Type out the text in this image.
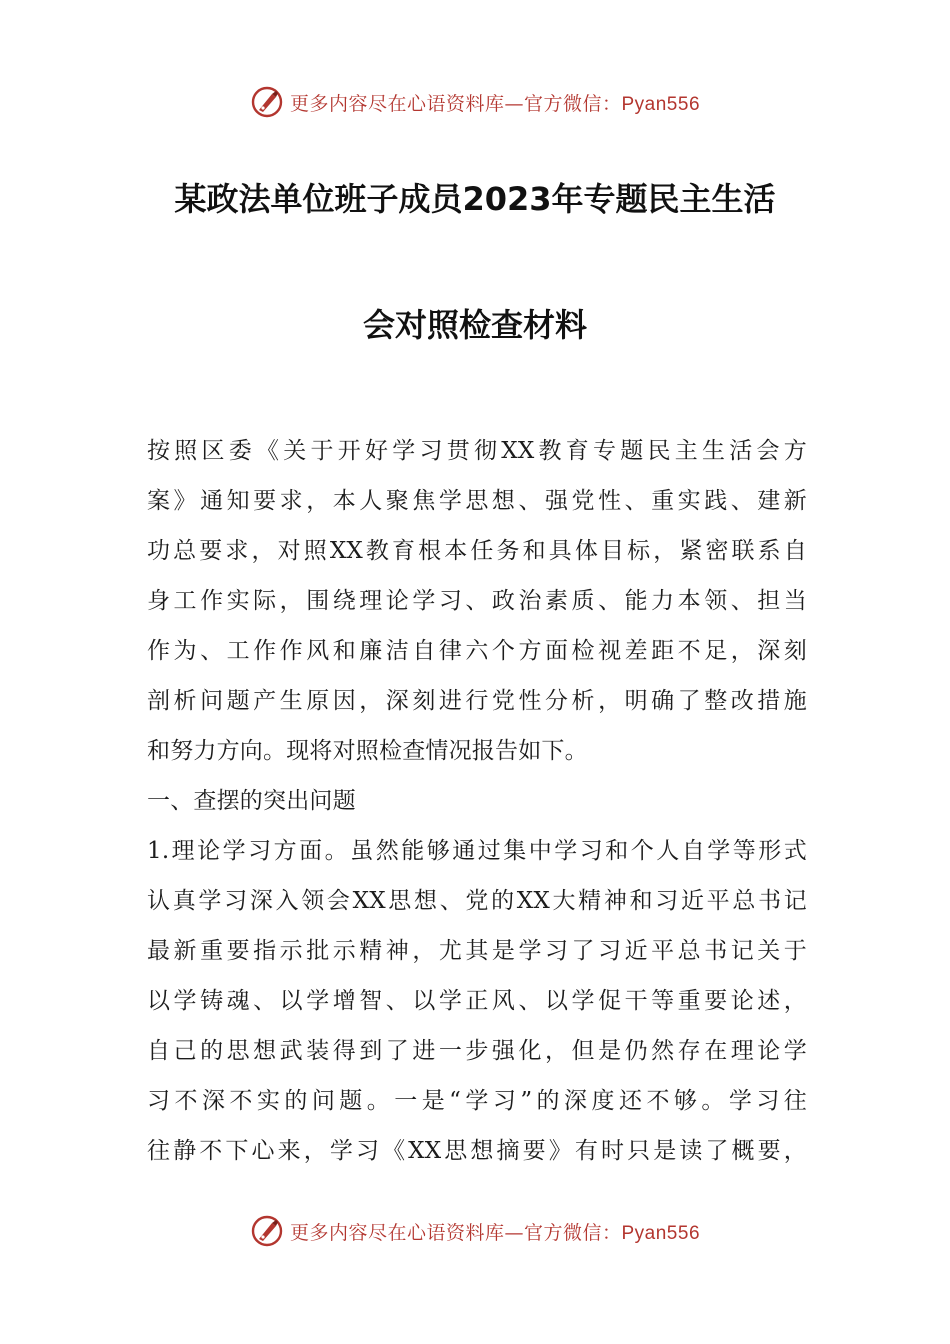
更多内容尽在心语资料库—官方微信：Pyan556
某政法单位班子成员2023年专题民主生活
会对照检查材料
按照区委《关于开好学习贯彻XX教育专题民主生活会方
案》通知要求，本人聚焦学思想、强党性、重实践、建新
功总要求，对照XX教育根本任务和具体目标，紧密联系自
身工作实际，围绕理论学习、政治素质、能力本领、担当
作为、工作作风和廉洁自律六个方面检视差距不足，深刻
剖析问题产生原因，深刻进行党性分析，明确了整改措施
和努力方向。现将对照检查情况报告如下。
一、查摆的突出问题
1.理论学习方面。虽然能够通过集中学习和个人自学等形式
认真学习深入领会XX思想、党的XX大精神和习近平总书记
最新重要指示批示精神，尤其是学习了习近平总书记关于
以学铸魂、以学增智、以学正风、以学促干等重要论述，
自己的思想武装得到了进一步强化，但是仍然存在理论学
习不深不实的问题。一是“学习”的深度还不够。学习往
往静不下心来，学习《XX思想摘要》有时只是读了概要，
更多内容尽在心语资料库—官方微信：Pyan556
